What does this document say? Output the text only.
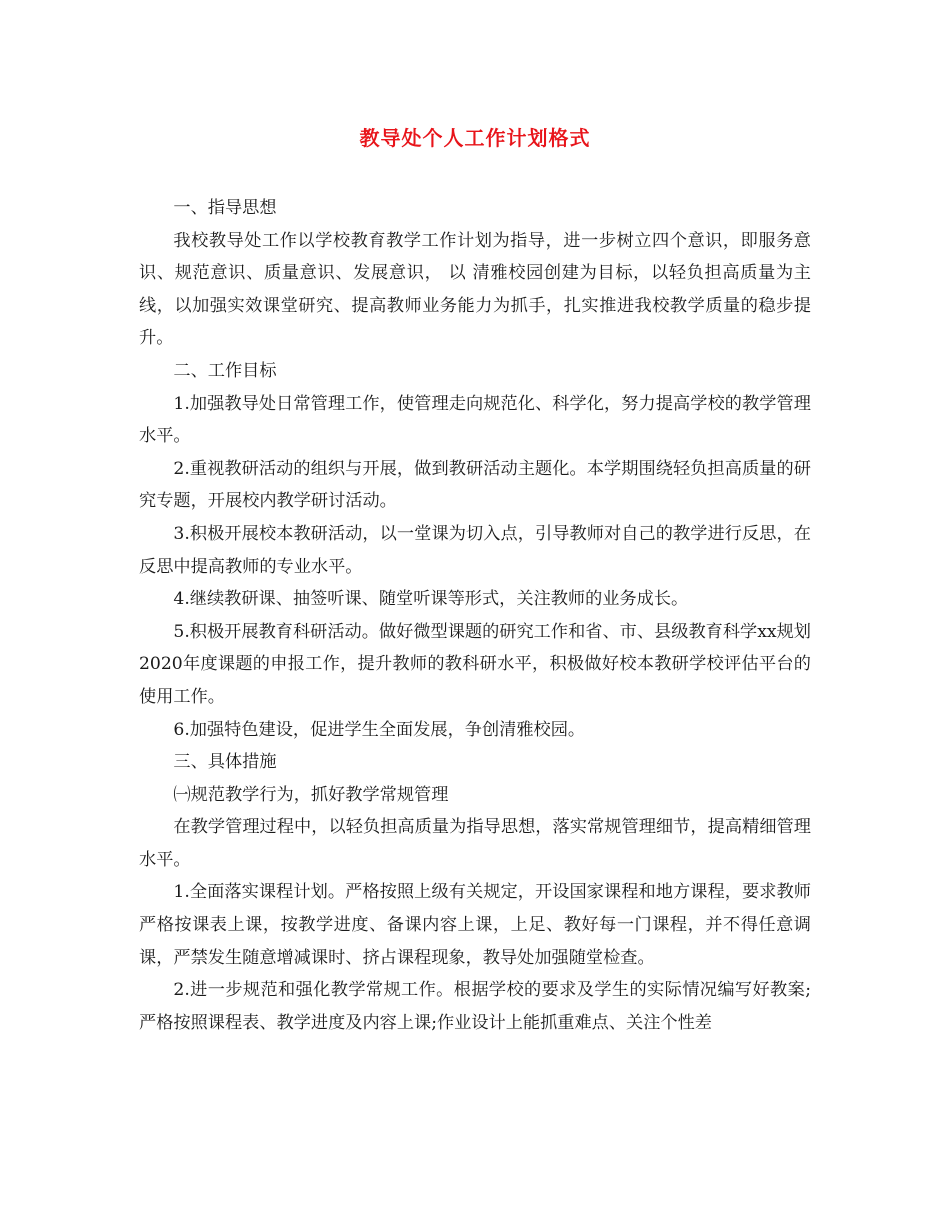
教导处个人工作计划格式

一、指导思想

我校教导处工作以学校教育教学工作计划为指导，进一步树立四个意识，即服务意识、规范意识、质量意识、发展意识， 以 清雅校园创建为目标，以轻负担高质量为主线，以加强实效课堂研究、提高教师业务能力为抓手，扎实推进我校教学质量的稳步提升。

二、工作目标

1.加强教导处日常管理工作，使管理走向规范化、科学化，努力提高学校的教学管理水平。

2.重视教研活动的组织与开展，做到教研活动主题化。本学期围绕轻负担高质量的研究专题，开展校内教学研讨活动。

3.积极开展校本教研活动，以一堂课为切入点，引导教师对自己的教学进行反思，在反思中提高教师的专业水平。

4.继续教研课、抽签听课、随堂听课等形式，关注教师的业务成长。

5.积极开展教育科研活动。做好微型课题的研究工作和省、市、县级教育科学xx规划2020年度课题的申报工作，提升教师的教科研水平，积极做好校本教研学校评估平台的使用工作。

6.加强特色建设，促进学生全面发展，争创清雅校园。

三、具体措施

㈠规范教学行为，抓好教学常规管理

在教学管理过程中，以轻负担高质量为指导思想，落实常规管理细节，提高精细管理水平。

1.全面落实课程计划。严格按照上级有关规定，开设国家课程和地方课程，要求教师严格按课表上课，按教学进度、备课内容上课，上足、教好每一门课程，并不得任意调课，严禁发生随意增减课时、挤占课程现象，教导处加强随堂检查。

2.进一步规范和强化教学常规工作。根据学校的要求及学生的实际情况编写好教案;严格按照课程表、教学进度及内容上课;作业设计上能抓重难点、关注个性差
